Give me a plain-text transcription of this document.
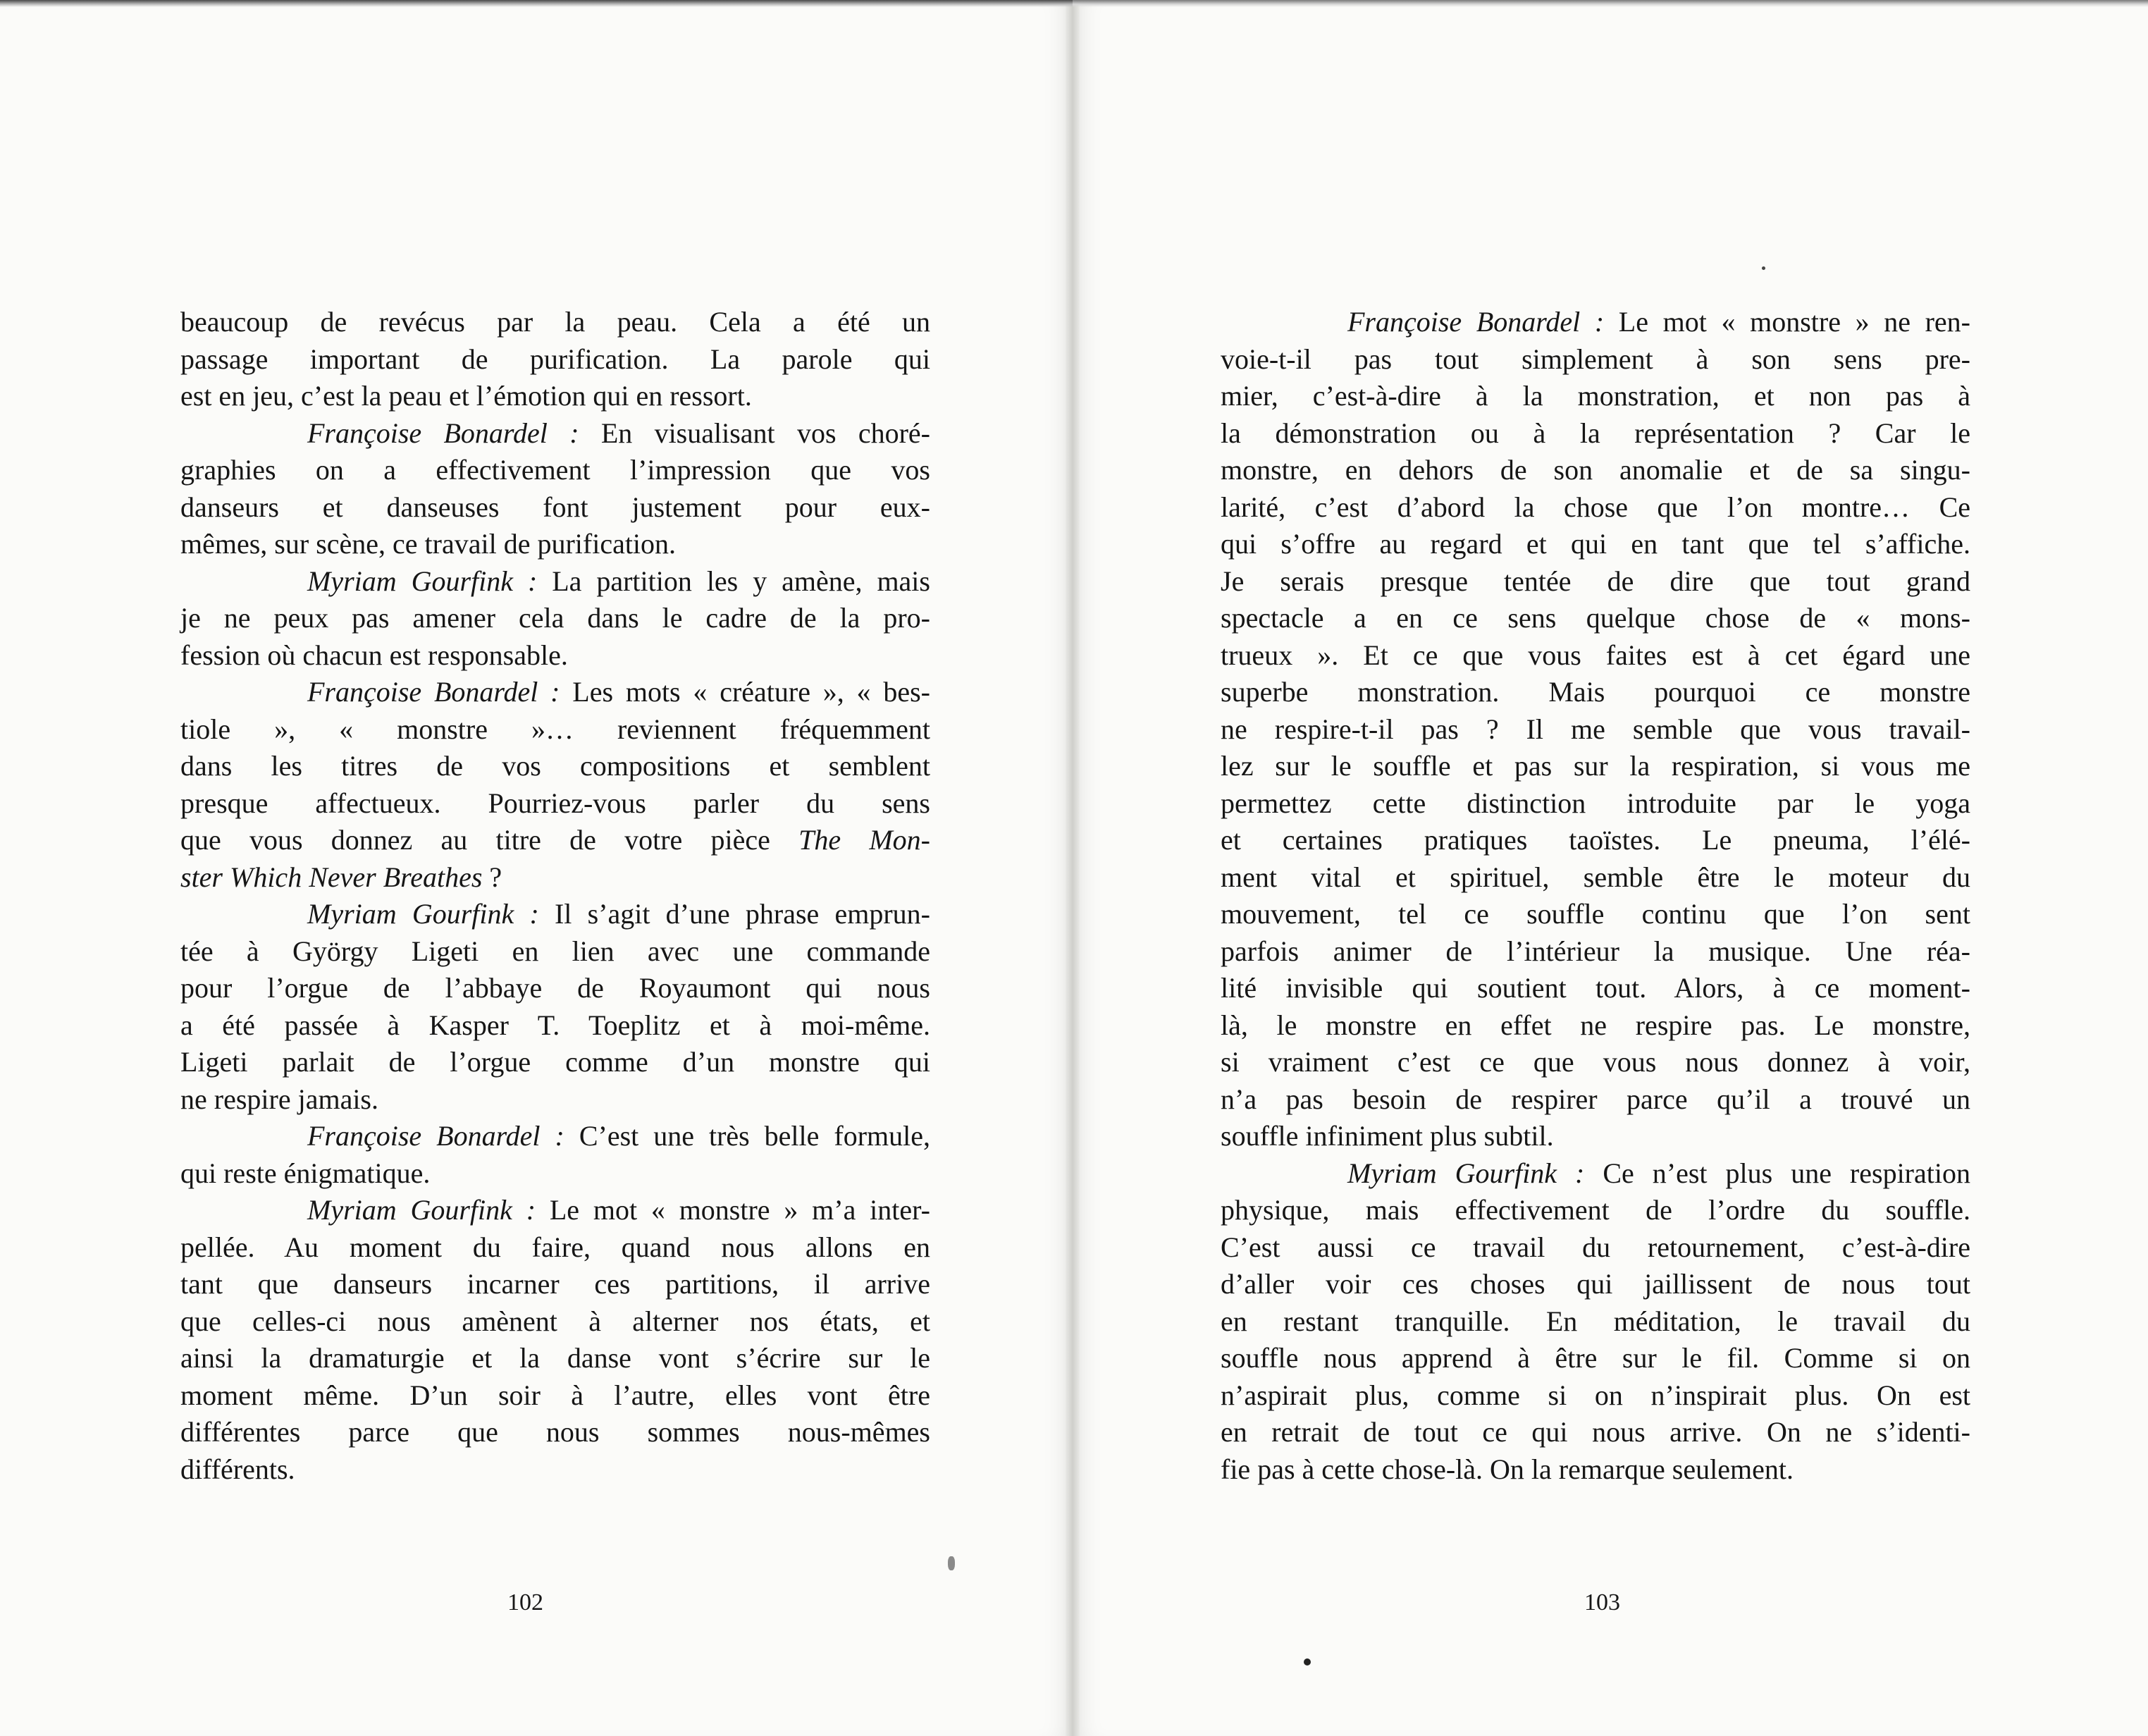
beaucoup de revécus par la peau. Cela a été un
passage important de purification. La parole qui
est en jeu, c’est la peau et l’émotion qui en ressort.
Françoise Bonardel : En visualisant vos choré-
graphies on a effectivement l’impression que vos
danseurs et danseuses font justement pour eux-
mêmes, sur scène, ce travail de purification.
Myriam Gourfink : La partition les y amène, mais
je ne peux pas amener cela dans le cadre de la pro-
fession où chacun est responsable.
Françoise Bonardel : Les mots « créature », « bes-
tiole », « monstre »… reviennent fréquemment
dans les titres de vos compositions et semblent
presque affectueux. Pourriez-vous parler du sens
que vous donnez au titre de votre pièce The Mon-
ster Which Never Breathes ?
Myriam Gourfink : Il s’agit d’une phrase emprun-
tée à György Ligeti en lien avec une commande
pour l’orgue de l’abbaye de Royaumont qui nous
a été passée à Kasper T. Toeplitz et à moi-même.
Ligeti parlait de l’orgue comme d’un monstre qui
ne respire jamais.
Françoise Bonardel : C’est une très belle formule,
qui reste énigmatique.
Myriam Gourfink : Le mot « monstre » m’a inter-
pellée. Au moment du faire, quand nous allons en
tant que danseurs incarner ces partitions, il arrive
que celles-ci nous amènent à alterner nos états, et
ainsi la dramaturgie et la danse vont s’écrire sur le
moment même. D’un soir à l’autre, elles vont être
différentes parce que nous sommes nous-mêmes
différents.
Françoise Bonardel : Le mot « monstre » ne ren-
voie-t-il pas tout simplement à son sens pre-
mier, c’est-à-dire à la monstration, et non pas à
la démonstration ou à la représentation ? Car le
monstre, en dehors de son anomalie et de sa singu-
larité, c’est d’abord la chose que l’on montre… Ce
qui s’offre au regard et qui en tant que tel s’affiche.
Je serais presque tentée de dire que tout grand
spectacle a en ce sens quelque chose de « mons-
trueux ». Et ce que vous faites est à cet égard une
superbe monstration. Mais pourquoi ce monstre
ne respire-t-il pas ? Il me semble que vous travail-
lez sur le souffle et pas sur la respiration, si vous me
permettez cette distinction introduite par le yoga
et certaines pratiques taoïstes. Le pneuma, l’élé-
ment vital et spirituel, semble être le moteur du
mouvement, tel ce souffle continu que l’on sent
parfois animer de l’intérieur la musique. Une réa-
lité invisible qui soutient tout. Alors, à ce moment-
là, le monstre en effet ne respire pas. Le monstre,
si vraiment c’est ce que vous nous donnez à voir,
n’a pas besoin de respirer parce qu’il a trouvé un
souffle infiniment plus subtil.
Myriam Gourfink : Ce n’est plus une respiration
physique, mais effectivement de l’ordre du souffle.
C’est aussi ce travail du retournement, c’est-à-dire
d’aller voir ces choses qui jaillissent de nous tout
en restant tranquille. En méditation, le travail du
souffle nous apprend à être sur le fil. Comme si on
n’aspirait plus, comme si on n’inspirait plus. On est
en retrait de tout ce qui nous arrive. On ne s’identi-
fie pas à cette chose-là. On la remarque seulement.
102	103
